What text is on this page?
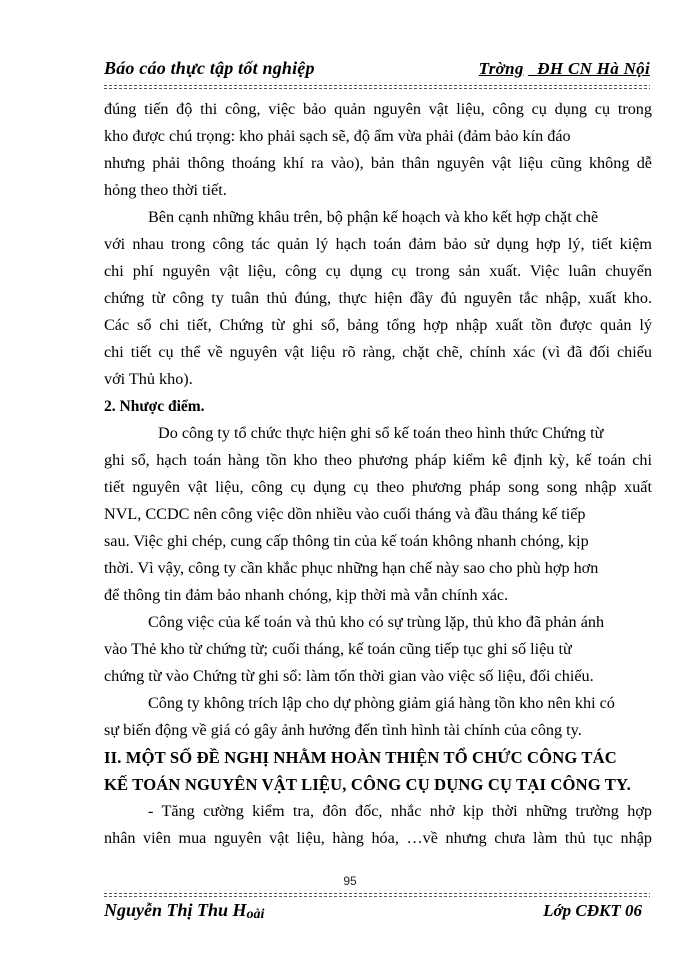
Báo cáo thực tập tốt nghiệp	Trờng ĐH CN Hà Nội
đúng tiến độ thi công, việc bảo quản nguyên vật liệu, công cụ dụng cụ trong
kho được chú trọng: kho phải sạch sẽ, độ ẩm vừa phải (đảm bảo kín đáo
nhưng phải thông thoáng khí ra vào), bản thân nguyên vật liệu cũng không dễ
hỏng theo thời tiết.
Bên cạnh những khâu trên, bộ phận kế hoạch và kho kết hợp chặt chẽ
với nhau trong công tác quản lý hạch toán đảm bảo sử dụng hợp lý, tiết kiệm
chi phí nguyên vật liệu, công cụ dụng cụ trong sản xuất. Việc luân chuyển
chứng từ công ty tuân thủ đúng, thực hiện đầy đủ nguyên tắc nhập, xuất kho.
Các sổ chi tiết, Chứng từ ghi sổ, bảng tổng hợp nhập xuất tồn được quản lý
chi tiết cụ thể về nguyên vật liệu rõ ràng, chặt chẽ, chính xác (vì đã đối chiếu
với Thủ kho).
2. Nhược điểm.
Do công ty tổ chức thực hiện ghi sổ kế toán theo hình thức Chứng từ
ghi sổ, hạch toán hàng tồn kho theo phương pháp kiểm kê định kỳ, kế toán chi
tiết nguyên vật liệu, công cụ dụng cụ theo phương pháp song song nhập xuất
NVL, CCDC nên công việc dồn nhiều vào cuối tháng và đầu tháng kế tiếp
sau. Việc ghi chép, cung cấp thông tin của kế toán không nhanh chóng, kịp
thời. Vì vậy, công ty cần khắc phục những hạn chế này sao cho phù hợp hơn
để thông tin đảm bảo nhanh chóng, kịp thời mà vẫn chính xác.
Công việc của kế toán và thủ kho có sự trùng lặp, thủ kho đã phản ánh
vào Thẻ kho từ chứng từ; cuối tháng, kế toán cũng tiếp tục ghi số liệu từ
chứng từ vào Chứng từ ghi sổ: làm tốn thời gian vào việc số liệu, đối chiếu.
Công ty không trích lập cho dự phòng giảm giá hàng tồn kho nên khi có
sự biến động về giá có gây ảnh hưởng đến tình hình tài chính của công ty.
II. MỘT SỐ ĐỀ NGHỊ NHẰM HOÀN THIỆN TỔ CHỨC CÔNG TÁC
KẾ TOÁN NGUYÊN VẬT LIỆU, CÔNG CỤ DỤNG CỤ TẠI CÔNG TY.
- Tăng cường kiểm tra, đôn đốc, nhắc nhở kịp thời những trường hợp
nhân viên mua nguyên vật liệu, hàng hóa, …về nhưng chưa làm thủ tục nhập
95
Nguyễn Thị Thu Hoài	Lớp CĐKT 06
